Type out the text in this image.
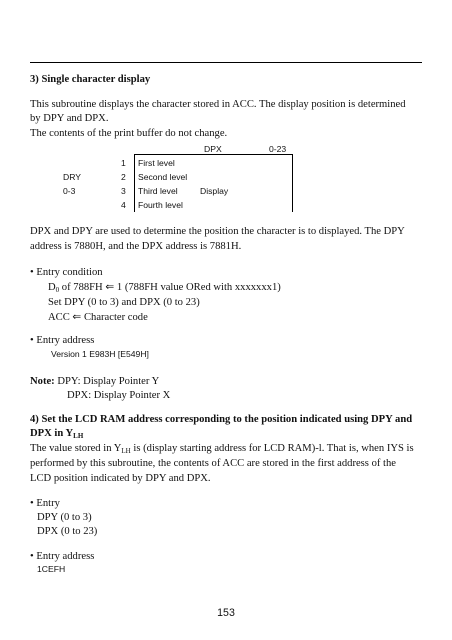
3) Single character display
This subroutine displays the character stored in ACC. The display position is determined
by DPY and DPX.
The contents of the print buffer do not change.
DPX	0-23
DRY
0-3	Display
1 First level
2 Second level
3 Third level
4 Fourth level
DPX and DPY are used to determine the position the character is to displayed. The DPY
address is 7880H, and the DPX address is 7881H.
• Entry condition
$D_0$ of 788FH ⇐ 1 (788FH value ORed with xxxxxxx1)
Set DPY (0 to 3) and DPX (0 to 23)
ACC ⇐ Character code
• Entry address
Version 1 E983H [E549H]
Note: DPY: Display Pointer Y
DPX: Display Pointer X
4) Set the LCD RAM address corresponding to the position indicated using DPY and
DPX in $Y_{LH}$
The value stored in $Y_{LH}$ is (display starting address for LCD RAM)-l. That is, when IYS is
performed by this subroutine, the contents of ACC are stored in the first address of the
LCD position indicated by DPY and DPX.
• Entry
DPY (0 to 3)
DPX (0 to 23)
• Entry address
1CEFH
153
